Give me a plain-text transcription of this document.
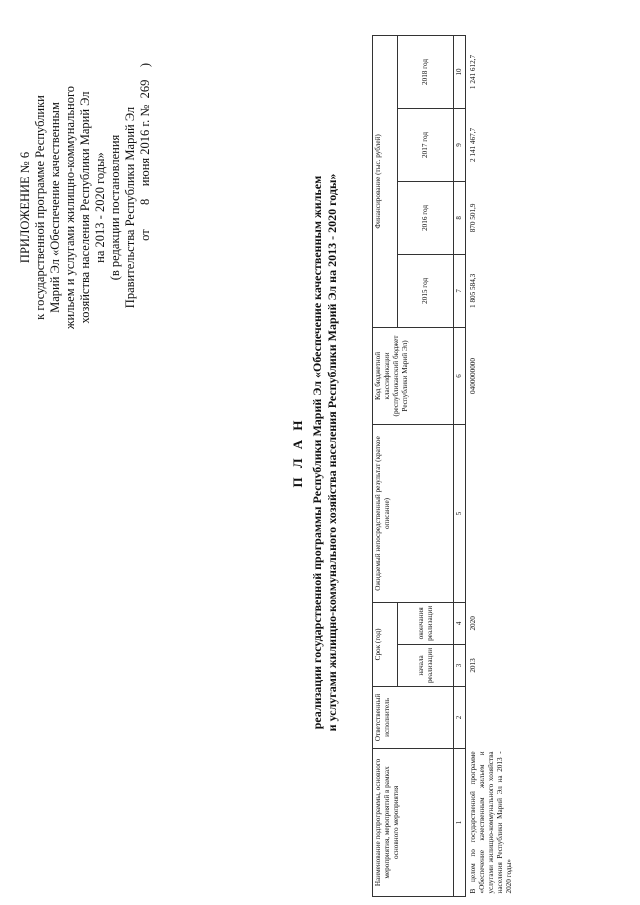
ПРИЛОЖЕНИЕ № 6 к государственной программе Республики Марий Эл «Обеспечение качественным жильем и услугами жилищно-коммунального хозяйства населения Республики Марий Эл на 2013 - 2020 годы» (в редакции постановления Правительства Республики Марий Эл от    8    июня 2016 г. №  269    )
П Л А Н реализации государственной программы Республики Марий Эл «Обеспечение качественным жильем и услугами жилищно-коммунального хозяйства населения Республики Марий Эл на 2013 - 2020 годы»
Наименование подпрограммы, основного мероприятия, мероприятий в рамках основного мероприятия	Ответственный исполнитель	Срок (год)		Ожидаемый непосредственный результат (краткое описание)	Код бюджетной классификации (республиканский бюджет Республики Марий Эл)	Финансирование (тыс. рублей)			
		начала реализации	окончания реализации			2015 год	2016 год	2017 год	2018 год
1	2	3	4	5	6	7	8	9	10
В целом по государственной программе «Обеспечение качественным жильем и услугами жилищно-коммунального хозяйства населения Республики Марий Эл на 2013 - 2020 годы»		2013	2020		0400000000	1 805 584,3	870 501,9	2 141 467,7	1 241 612,7
